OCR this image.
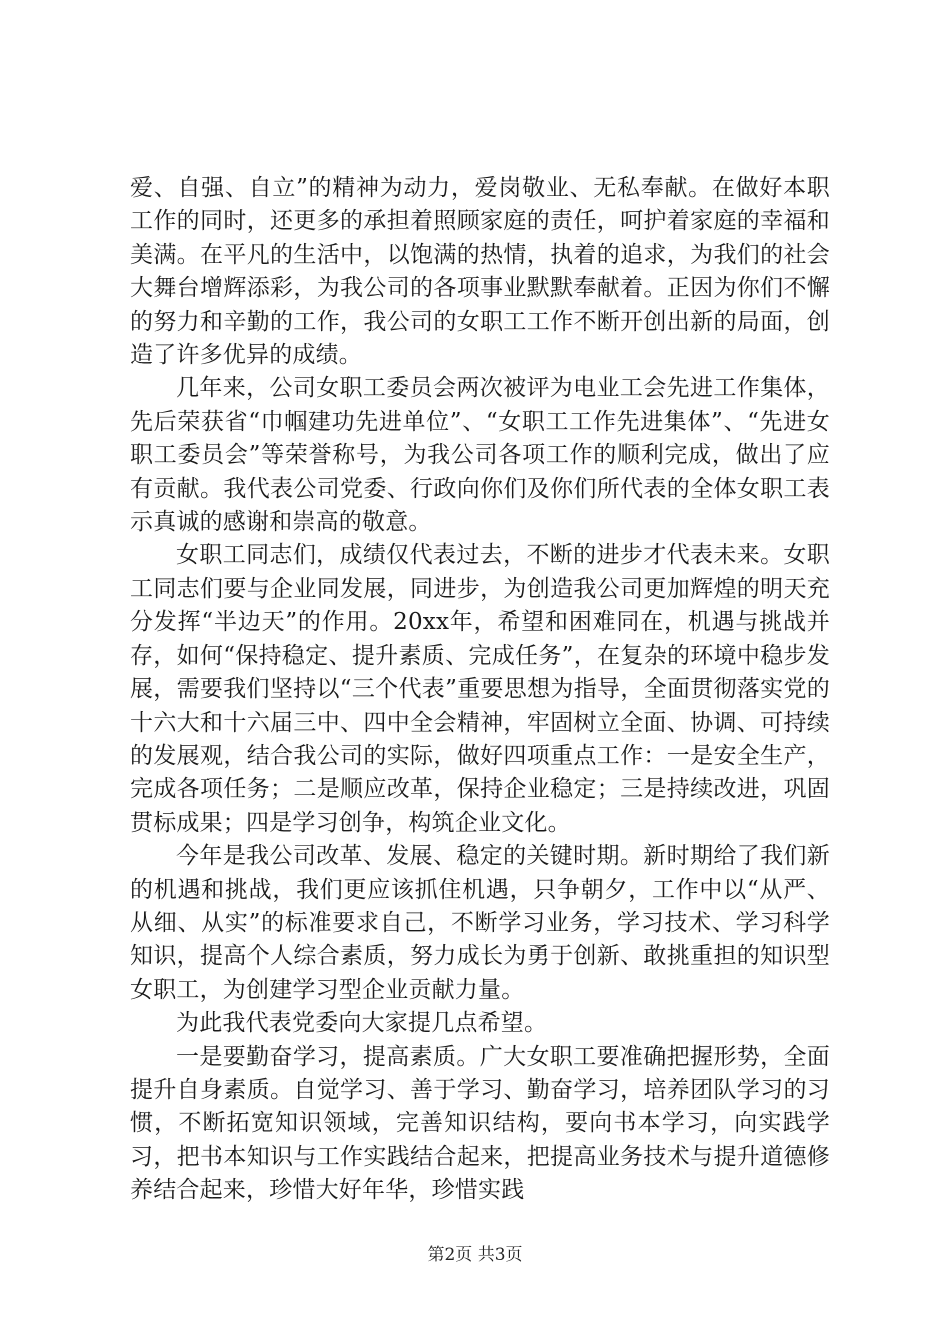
爱、自强、自立”的精神为动力，爱岗敬业、无私奉献。在做好本职工作的同时，还更多的承担着照顾家庭的责任，呵护着家庭的幸福和美满。在平凡的生活中，以饱满的热情，执着的追求，为我们的社会大舞台增辉添彩，为我公司的各项事业默默奉献着。正因为你们不懈的努力和辛勤的工作，我公司的女职工工作不断开创出新的局面，创造了许多优异的成绩。

几年来，公司女职工委员会两次被评为电业工会先进工作集体，先后荣获省“巾帼建功先进单位”、“女职工工作先进集体”、“先进女职工委员会”等荣誉称号，为我公司各项工作的顺利完成，做出了应有贡献。我代表公司党委、行政向你们及你们所代表的全体女职工表示真诚的感谢和崇高的敬意。

女职工同志们，成绩仅代表过去，不断的进步才代表未来。女职工同志们要与企业同发展，同进步，为创造我公司更加辉煌的明天充分发挥“半边天”的作用。20xx年，希望和困难同在，机遇与挑战并存，如何“保持稳定、提升素质、完成任务”，在复杂的环境中稳步发展，需要我们坚持以“三个代表”重要思想为指导，全面贯彻落实党的十六大和十六届三中、四中全会精神，牢固树立全面、协调、可持续的发展观，结合我公司的实际，做好四项重点工作：一是安全生产，完成各项任务；二是顺应改革，保持企业稳定；三是持续改进，巩固贯标成果；四是学习创争，构筑企业文化。

今年是我公司改革、发展、稳定的关键时期。新时期给了我们新的机遇和挑战，我们更应该抓住机遇，只争朝夕，工作中以“从严、从细、从实”的标准要求自己，不断学习业务，学习技术、学习科学知识，提高个人综合素质，努力成长为勇于创新、敢挑重担的知识型女职工，为创建学习型企业贡献力量。

为此我代表党委向大家提几点希望。

一是要勤奋学习，提高素质。广大女职工要准确把握形势，全面提升自身素质。自觉学习、善于学习、勤奋学习，培养团队学习的习惯，不断拓宽知识领域，完善知识结构，要向书本学习，向实践学习，把书本知识与工作实践结合起来，把提高业务技术与提升道德修养结合起来，珍惜大好年华，珍惜实践

第2页 共3页
